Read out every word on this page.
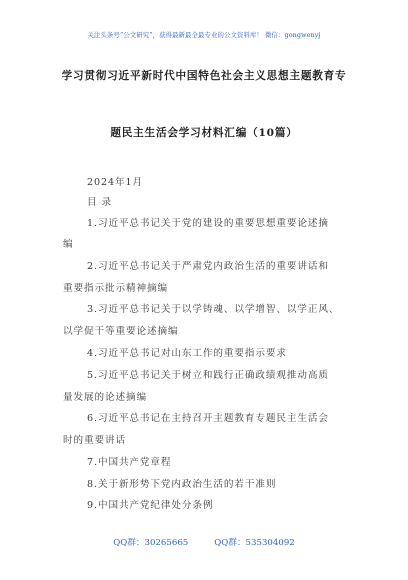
关注头条号“公文研究”，获得最新最全最专业的公文资料库！ 微信：gongwenyj
学习贯彻习近平新时代中国特色社会主义思想主题教育专
题民主生活会学习材料汇编（10篇）
2024年1月
目 录
1.习近平总书记关于党的建设的重要思想重要论述摘
编
2.习近平总书记关于严肃党内政治生活的重要讲话和
重要指示批示精神摘编
3.习近平总书记关于以学铸魂、以学增智、以学正风、
以学促干等重要论述摘编
4.习近平总书记对山东工作的重要指示要求
5.习近平总书记关于树立和践行正确政绩观推动高质
量发展的论述摘编
6.习近平总书记在主持召开主题教育专题民主生活会
时的重要讲话
7.中国共产党章程
8.关于新形势下党内政治生活的若干准则
9.中国共产党纪律处分条例
QQ群：30265665	QQ群：535304092
